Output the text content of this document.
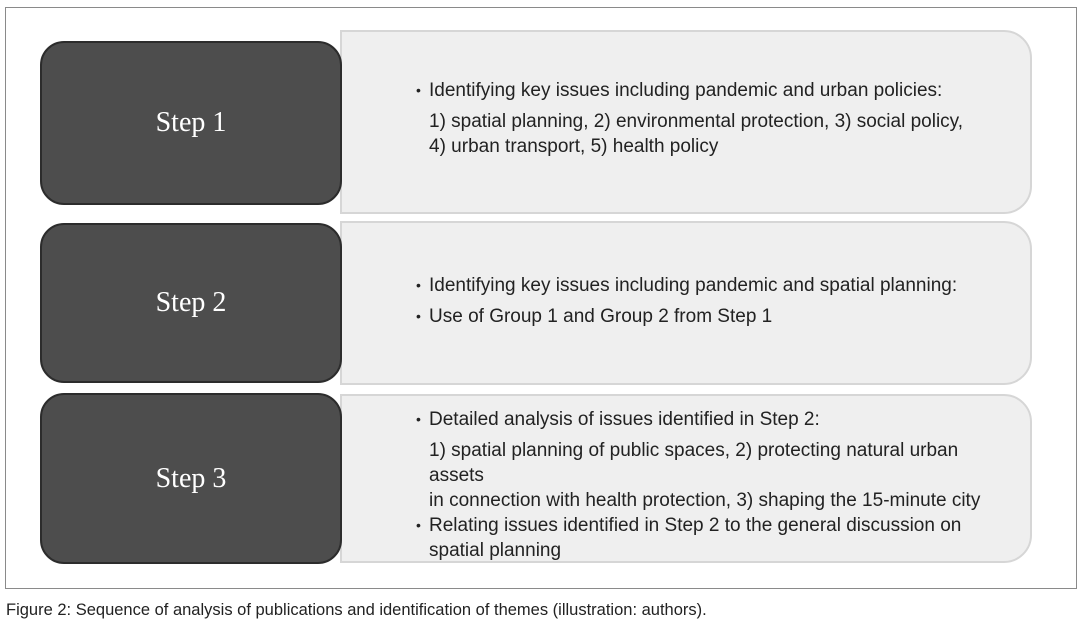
• Identifying key issues including pandemic and urban policies:
1) spatial planning, 2) environmental protection, 3) social policy,
4) urban transport, 5) health policy
Step 1
• Identifying key issues including pandemic and spatial planning:
• Use of Group 1 and Group 2 from Step 1
Step 2
• Detailed analysis of issues identified in Step 2:
1) spatial planning of public spaces, 2) protecting natural urban assets
in connection with health protection, 3) shaping the 15-minute city
• Relating issues identified in Step 2 to the general discussion on spatial planning
Step 3
Figure 2: Sequence of analysis of publications and identification of themes (illustration: authors).
